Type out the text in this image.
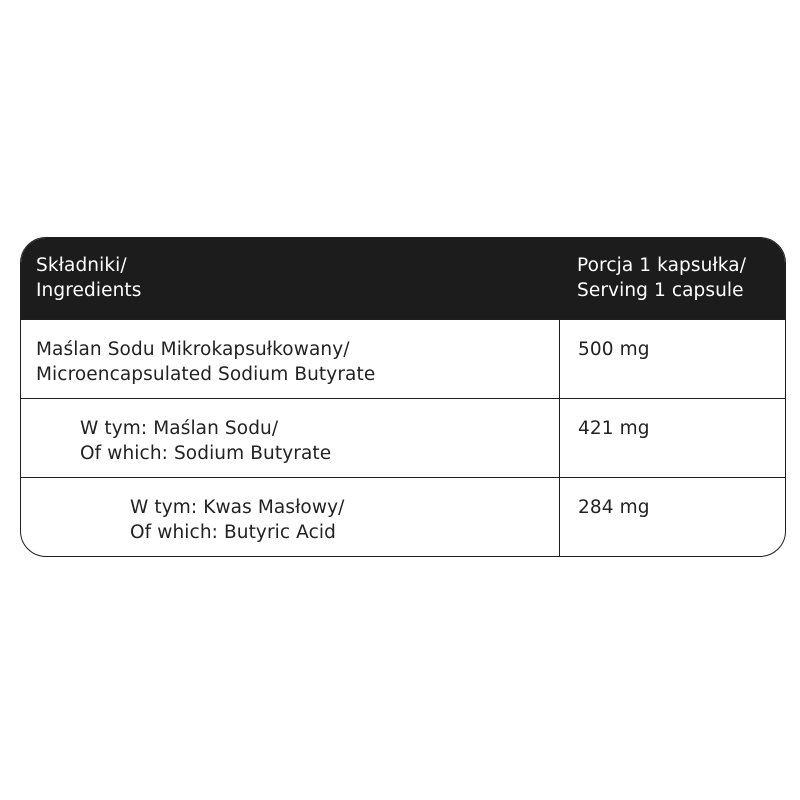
Składniki/
Ingredients
Porcja 1 kapsułka/
Serving 1 capsule
Maślan Sodu Mikrokapsułkowany/
Microencapsulated Sodium Butyrate
500 mg
W tym: Maślan Sodu/
Of which: Sodium Butyrate
421 mg
W tym: Kwas Masłowy/
Of which: Butyric Acid
284 mg
